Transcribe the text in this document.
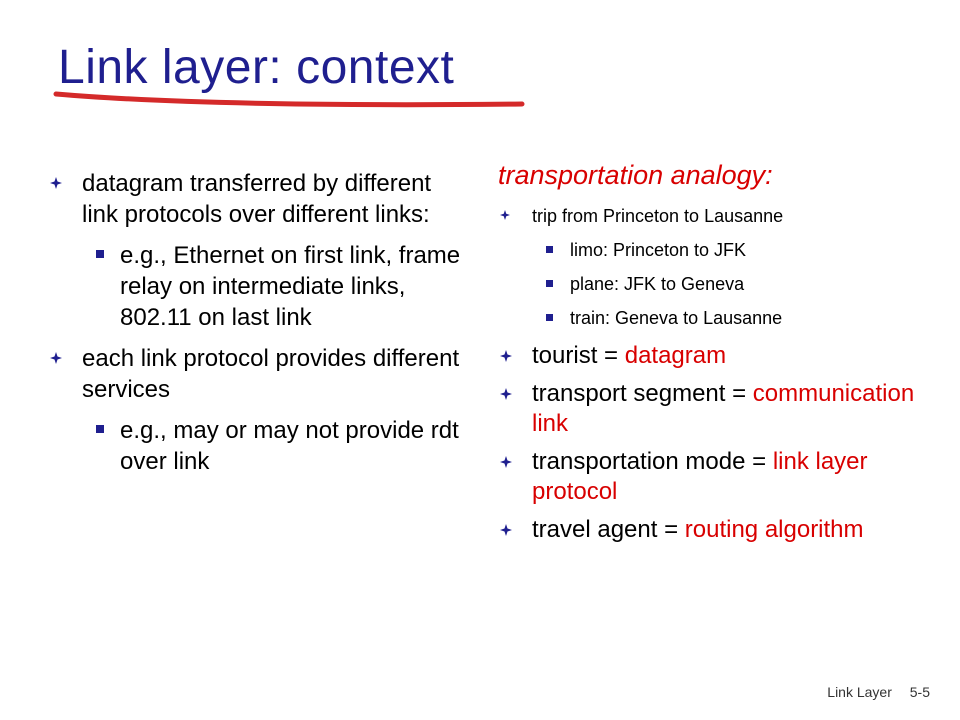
Link layer: context
datagram transferred by different link protocols over different links:
e.g., Ethernet on first link, frame relay on intermediate links, 802.11 on last link
each link protocol provides different services
e.g., may or may not provide rdt over link
transportation analogy:
trip from Princeton to Lausanne
limo: Princeton to JFK
plane: JFK to Geneva
train: Geneva to Lausanne
tourist = datagram
transport segment = communication link
transportation mode = link layer protocol
travel agent = routing algorithm
Link Layer 5-5
